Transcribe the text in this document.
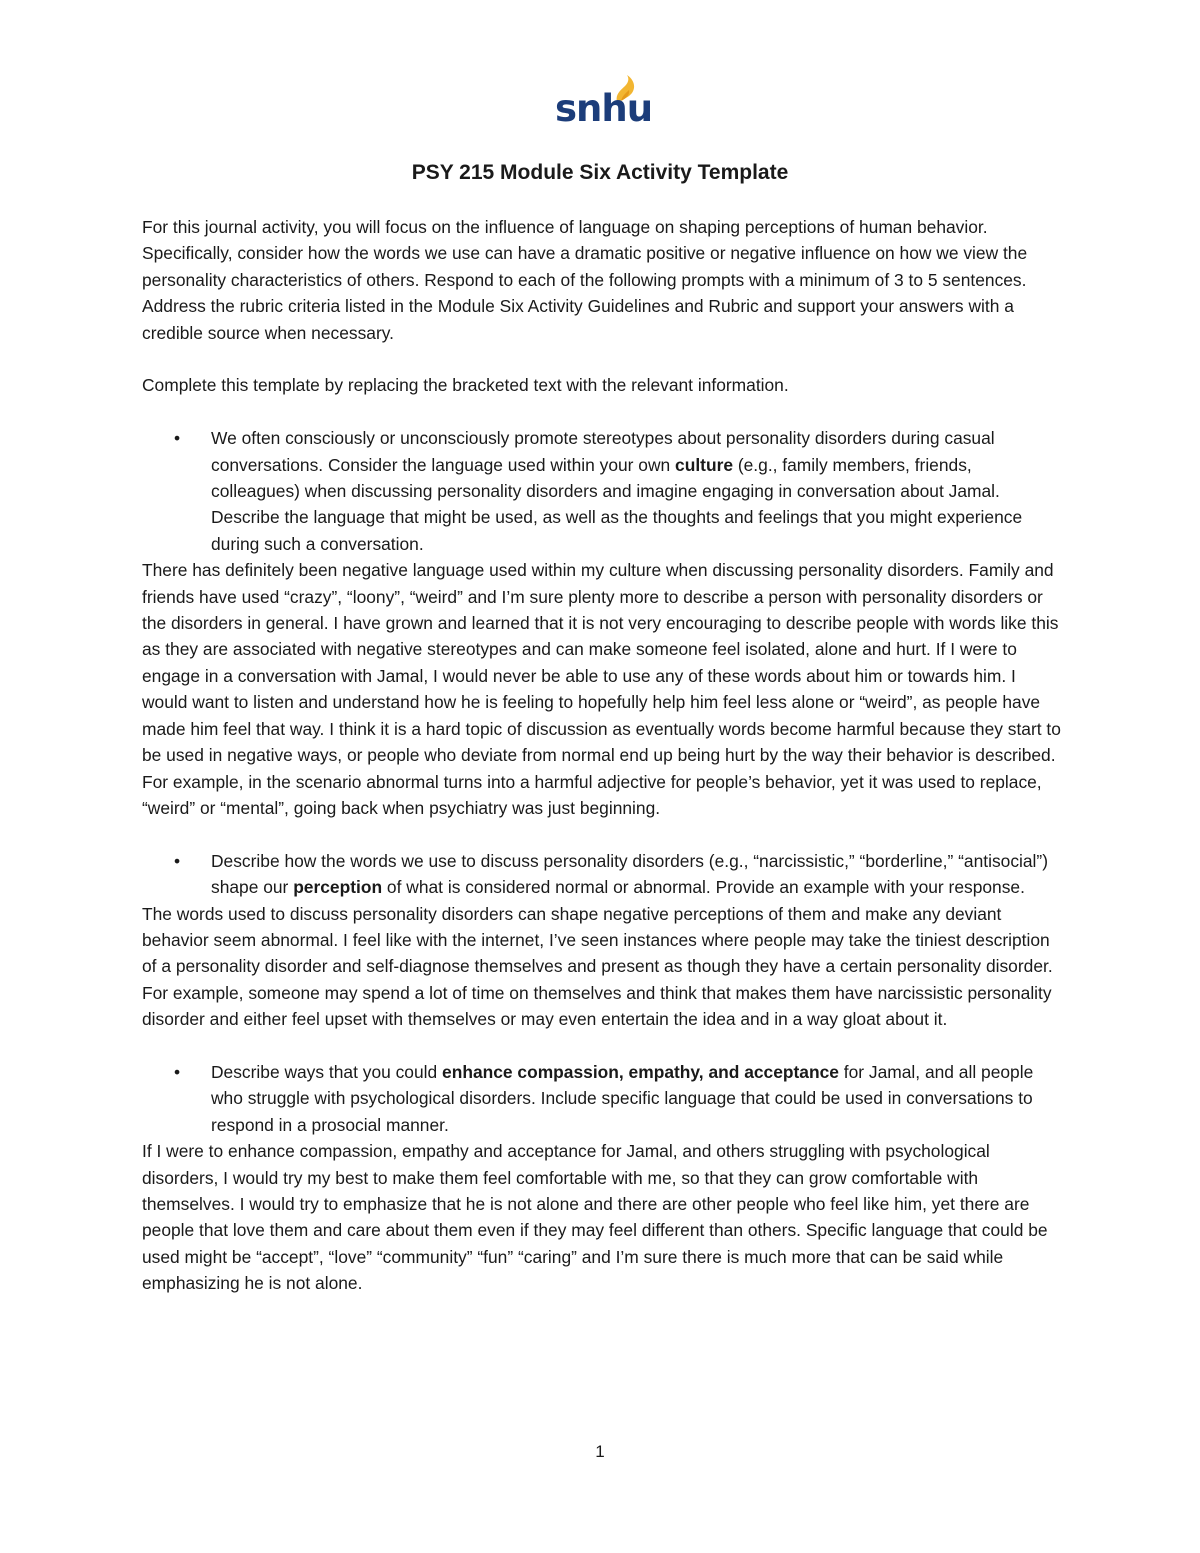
snhu
PSY 215 Module Six Activity Template

For this journal activity, you will focus on the influence of language on shaping perceptions of human behavior. Specifically, consider how the words we use can have a dramatic positive or negative influence on how we view the personality characteristics of others. Respond to each of the following prompts with a minimum of 3 to 5 sentences. Address the rubric criteria listed in the Module Six Activity Guidelines and Rubric and support your answers with a credible source when necessary.

Complete this template by replacing the bracketed text with the relevant information.

• We often consciously or unconsciously promote stereotypes about personality disorders during casual conversations. Consider the language used within your own culture (e.g., family members, friends, colleagues) when discussing personality disorders and imagine engaging in conversation about Jamal. Describe the language that might be used, as well as the thoughts and feelings that you might experience during such a conversation.

There has definitely been negative language used within my culture when discussing personality disorders. Family and friends have used “crazy”, “loony”, “weird” and I’m sure plenty more to describe a person with personality disorders or the disorders in general. I have grown and learned that it is not very encouraging to describe people with words like this as they are associated with negative stereotypes and can make someone feel isolated, alone and hurt. If I were to engage in a conversation with Jamal, I would never be able to use any of these words about him or towards him. I would want to listen and understand how he is feeling to hopefully help him feel less alone or “weird”, as people have made him feel that way. I think it is a hard topic of discussion as eventually words become harmful because they start to be used in negative ways, or people who deviate from normal end up being hurt by the way their behavior is described. For example, in the scenario abnormal turns into a harmful adjective for people’s behavior, yet it was used to replace, “weird” or “mental”, going back when psychiatry was just beginning.

• Describe how the words we use to discuss personality disorders (e.g., “narcissistic,” “borderline,” “antisocial”) shape our perception of what is considered normal or abnormal. Provide an example with your response.

The words used to discuss personality disorders can shape negative perceptions of them and make any deviant behavior seem abnormal. I feel like with the internet, I’ve seen instances where people may take the tiniest description of a personality disorder and self-diagnose themselves and present as though they have a certain personality disorder. For example, someone may spend a lot of time on themselves and think that makes them have narcissistic personality disorder and either feel upset with themselves or may even entertain the idea and in a way gloat about it.

• Describe ways that you could enhance compassion, empathy, and acceptance for Jamal, and all people who struggle with psychological disorders. Include specific language that could be used in conversations to respond in a prosocial manner.

If I were to enhance compassion, empathy and acceptance for Jamal, and others struggling with psychological disorders, I would try my best to make them feel comfortable with me, so that they can grow comfortable with themselves. I would try to emphasize that he is not alone and there are other people who feel like him, yet there are people that love them and care about them even if they may feel different than others. Specific language that could be used might be “accept”, “love” “community” “fun” “caring” and I’m sure there is much more that can be said while emphasizing he is not alone.

1
